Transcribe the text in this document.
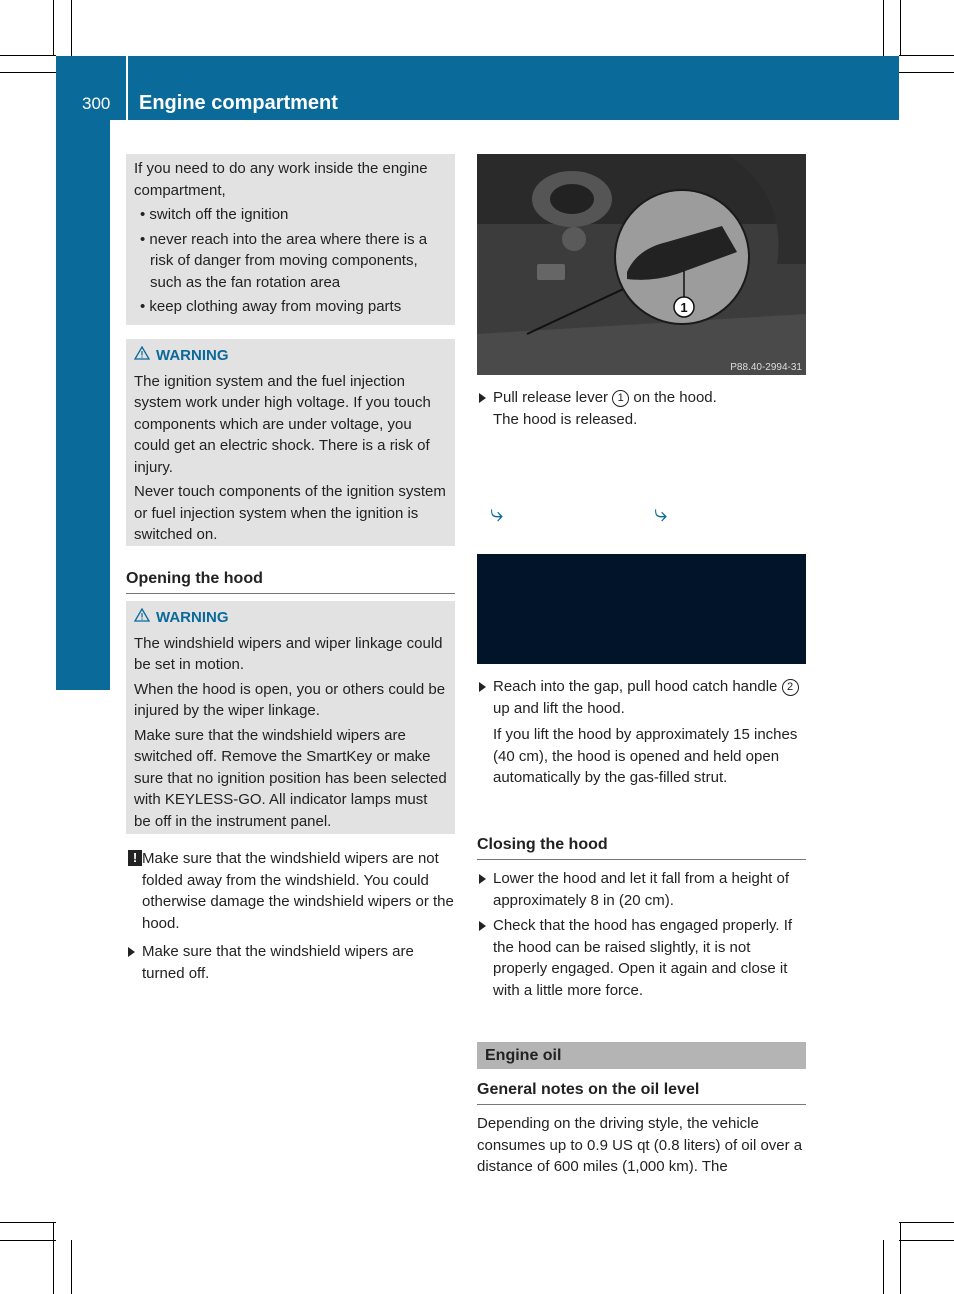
300 Engine compartment
Maintenance and care

If you need to do any work inside the engine compartment,

• switch off the ignition

• never reach into the area where there is a risk of danger from moving components, such as the fan rotation area

• keep clothing away from moving parts

WARNING

The ignition system and the fuel injection system work under high voltage. If you touch components which are under voltage, you could get an electric shock. There is a risk of injury.

Never touch components of the ignition system or fuel injection system when the ignition is switched on.

Opening the hood
WARNING

The windshield wipers and wiper linkage could be set in motion.

When the hood is open, you or others could be injured by the wiper linkage.

Make sure that the windshield wipers are switched off. Remove the SmartKey or make sure that no ignition position has been selected with KEYLESS-GO. All indicator lamps must be off in the instrument panel.

! Make sure that the windshield wipers are not folded away from the windshield. You could otherwise damage the windshield wipers or the hood.

Make sure that the windshield wipers are turned off.

1
P88.40-2994-31

Pull release lever 1 on the hood.

The hood is released.

⤷	⤷

Reach into the gap, pull hood catch handle 2 up and lift the hood.

If you lift the hood by approximately 15 inches (40 cm), the hood is opened and held open automatically by the gas-filled strut.

Closing the hood

Lower the hood and let it fall from a height of approximately 8 in (20 cm).

Check that the hood has engaged properly. If the hood can be raised slightly, it is not properly engaged. Open it again and close it with a little more force.

Engine oil
General notes on the oil level
Depending on the driving style, the vehicle consumes up to 0.9 US qt (0.8 liters) of oil over a distance of 600 miles (1,000 km). The
